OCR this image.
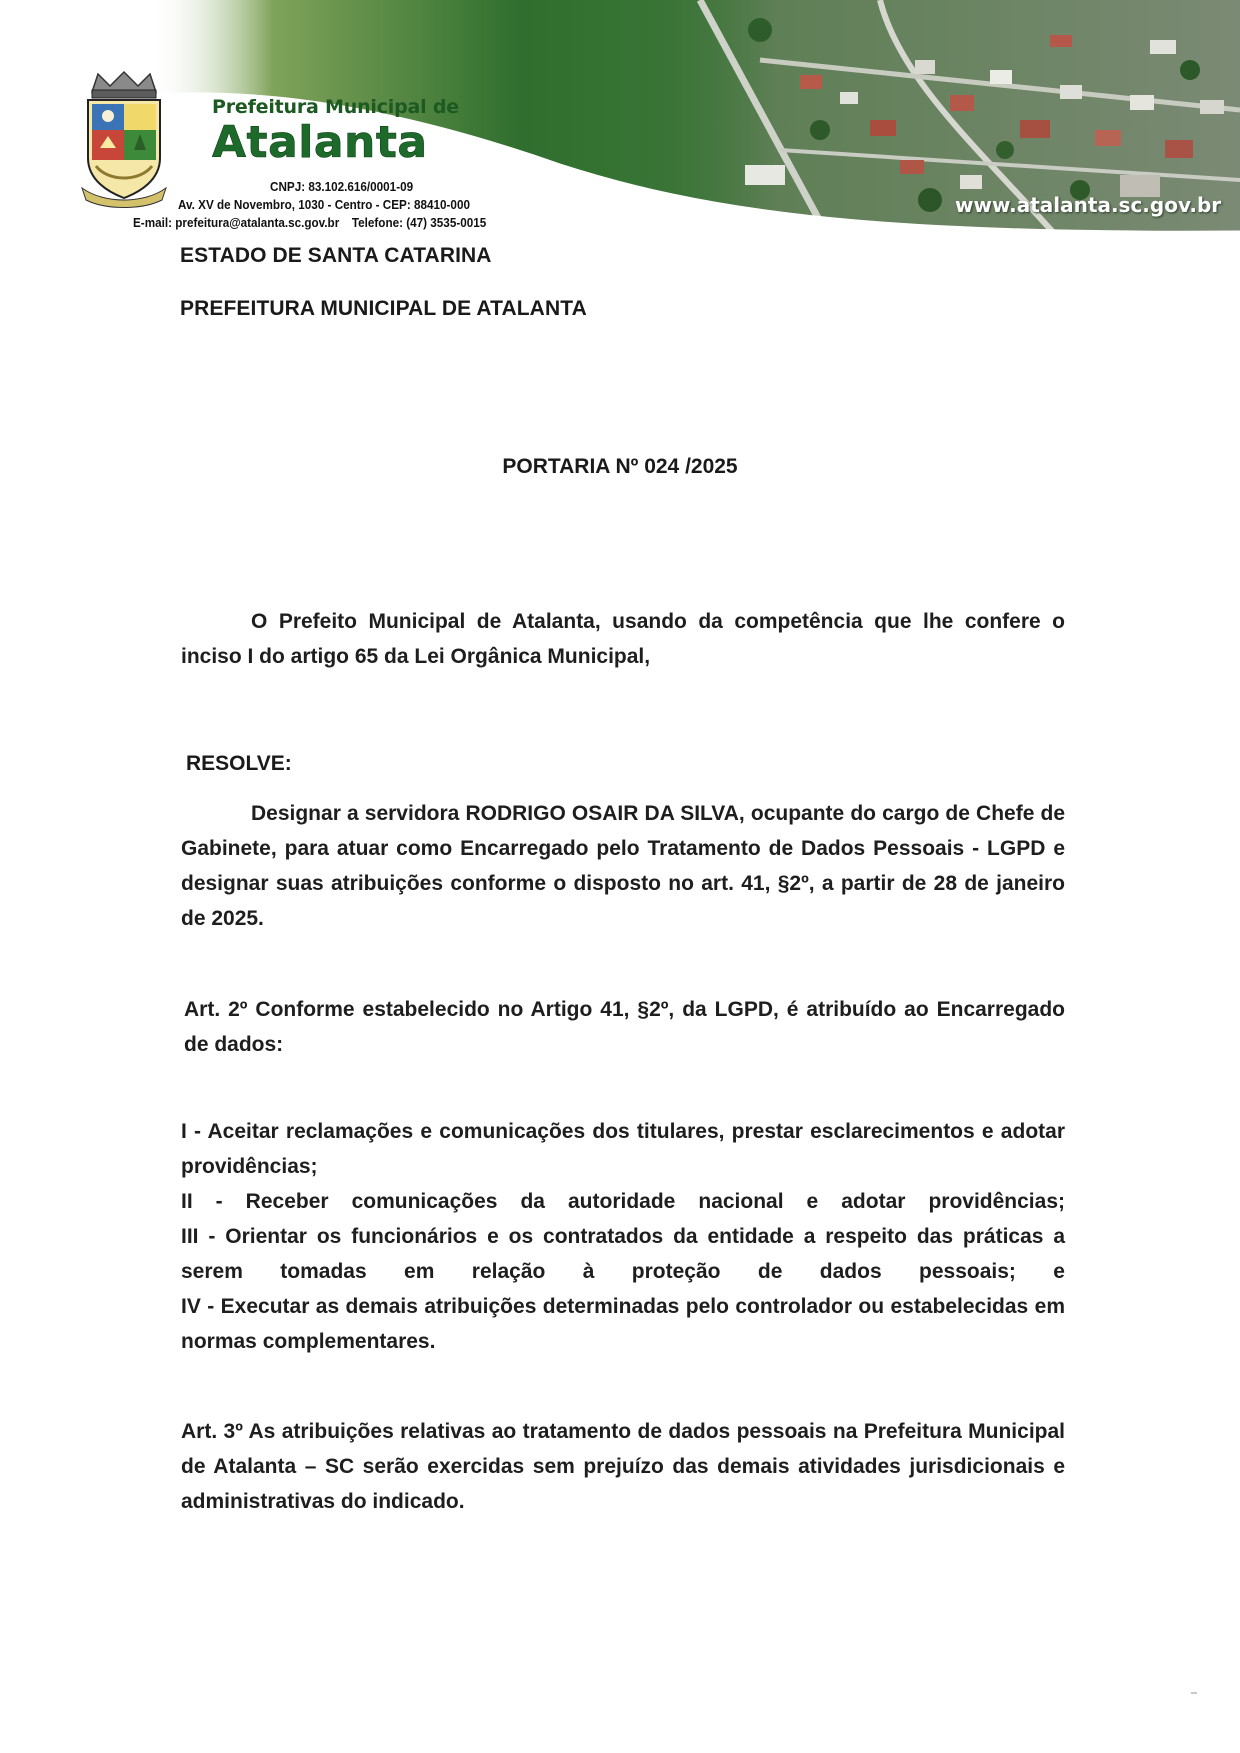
Prefeitura Municipal de
Atalanta
CNPJ: 83.102.616/0001-09
Av. XV de Novembro, 1030 - Centro - CEP: 88410-000
E-mail: prefeitura@atalanta.sc.gov.br Telefone: (47) 3535-0015
www.atalanta.sc.gov.br
ESTADO DE SANTA CATARINA
PREFEITURA MUNICIPAL DE ATALANTA
PORTARIA Nº 024 /2025
O Prefeito Municipal de Atalanta, usando da competência que lhe confere o inciso I do artigo 65 da Lei Orgânica Municipal,
RESOLVE:
Designar a servidora RODRIGO OSAIR DA SILVA, ocupante do cargo de Chefe de Gabinete, para atuar como Encarregado pelo Tratamento de Dados Pessoais - LGPD e designar suas atribuições conforme o disposto no art. 41, §2º, a partir de 28 de janeiro de 2025.
Art. 2º Conforme estabelecido no Artigo 41, §2º, da LGPD, é atribuído ao Encarregado de dados:
I - Aceitar reclamações e comunicações dos titulares, prestar esclarecimentos e adotar providências;
II - Receber comunicações da autoridade nacional e adotar providências;
III - Orientar os funcionários e os contratados da entidade a respeito das práticas a serem tomadas em relação à proteção de dados pessoais; e
IV - Executar as demais atribuições determinadas pelo controlador ou estabelecidas em normas complementares.
Art. 3º As atribuições relativas ao tratamento de dados pessoais na Prefeitura Municipal de Atalanta – SC serão exercidas sem prejuízo das demais atividades jurisdicionais e administrativas do indicado.
